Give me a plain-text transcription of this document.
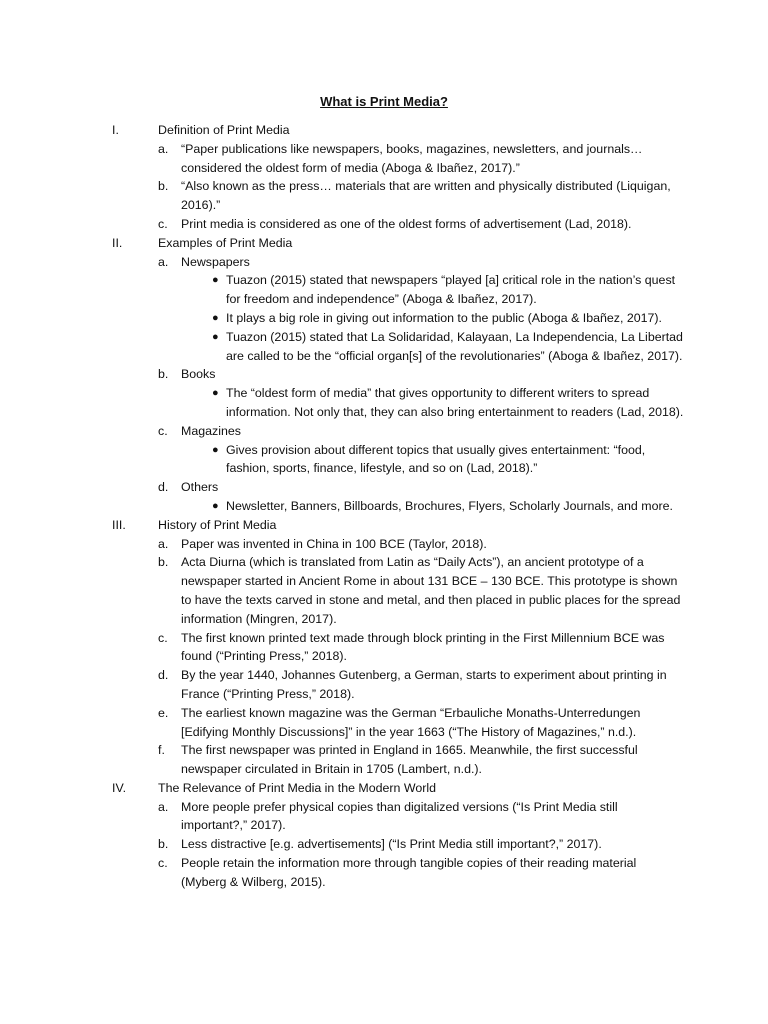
What is Print Media?
I.	Definition of Print Media
a. “Paper publications like newspapers, books, magazines, newsletters, and journals… considered the oldest form of media (Aboga & Ibañez, 2017).”
b. “Also known as the press… materials that are written and physically distributed (Liquigan, 2016).”
c. Print media is considered as one of the oldest forms of advertisement (Lad, 2018).
II.	Examples of Print Media
a. Newspapers
● Tuazon (2015) stated that newspapers “played [a] critical role in the nation’s quest for freedom and independence” (Aboga & Ibañez, 2017).
● It plays a big role in giving out information to the public (Aboga & Ibañez, 2017).
● Tuazon (2015) stated that La Solidaridad, Kalayaan, La Independencia, La Libertad are called to be the “official organ[s] of the revolutionaries” (Aboga & Ibañez, 2017).
b. Books
● The “oldest form of media” that gives opportunity to different writers to spread information. Not only that, they can also bring entertainment to readers (Lad, 2018).
c. Magazines
● Gives provision about different topics that usually gives entertainment: “food, fashion, sports, finance, lifestyle, and so on (Lad, 2018).”
d. Others
● Newsletter, Banners, Billboards, Brochures, Flyers, Scholarly Journals, and more.
III.	History of Print Media
a. Paper was invented in China in 100 BCE (Taylor, 2018).
b. Acta Diurna (which is translated from Latin as “Daily Acts”), an ancient prototype of a newspaper started in Ancient Rome in about 131 BCE – 130 BCE. This prototype is shown to have the texts carved in stone and metal, and then placed in public places for the spread information (Mingren, 2017).
c. The first known printed text made through block printing in the First Millennium BCE was found (“Printing Press,” 2018).
d. By the year 1440, Johannes Gutenberg, a German, starts to experiment about printing in France (“Printing Press,” 2018).
e. The earliest known magazine was the German “Erbauliche Monaths-Unterredungen [Edifying Monthly Discussions]” in the year 1663 (“The History of Magazines,” n.d.).
f. The first newspaper was printed in England in 1665. Meanwhile, the first successful newspaper circulated in Britain in 1705 (Lambert, n.d.).
IV.	The Relevance of Print Media in the Modern World
a. More people prefer physical copies than digitalized versions (“Is Print Media still important?,” 2017).
b. Less distractive [e.g. advertisements] (“Is Print Media still important?,” 2017).
c. People retain the information more through tangible copies of their reading material (Myberg & Wilberg, 2015).
